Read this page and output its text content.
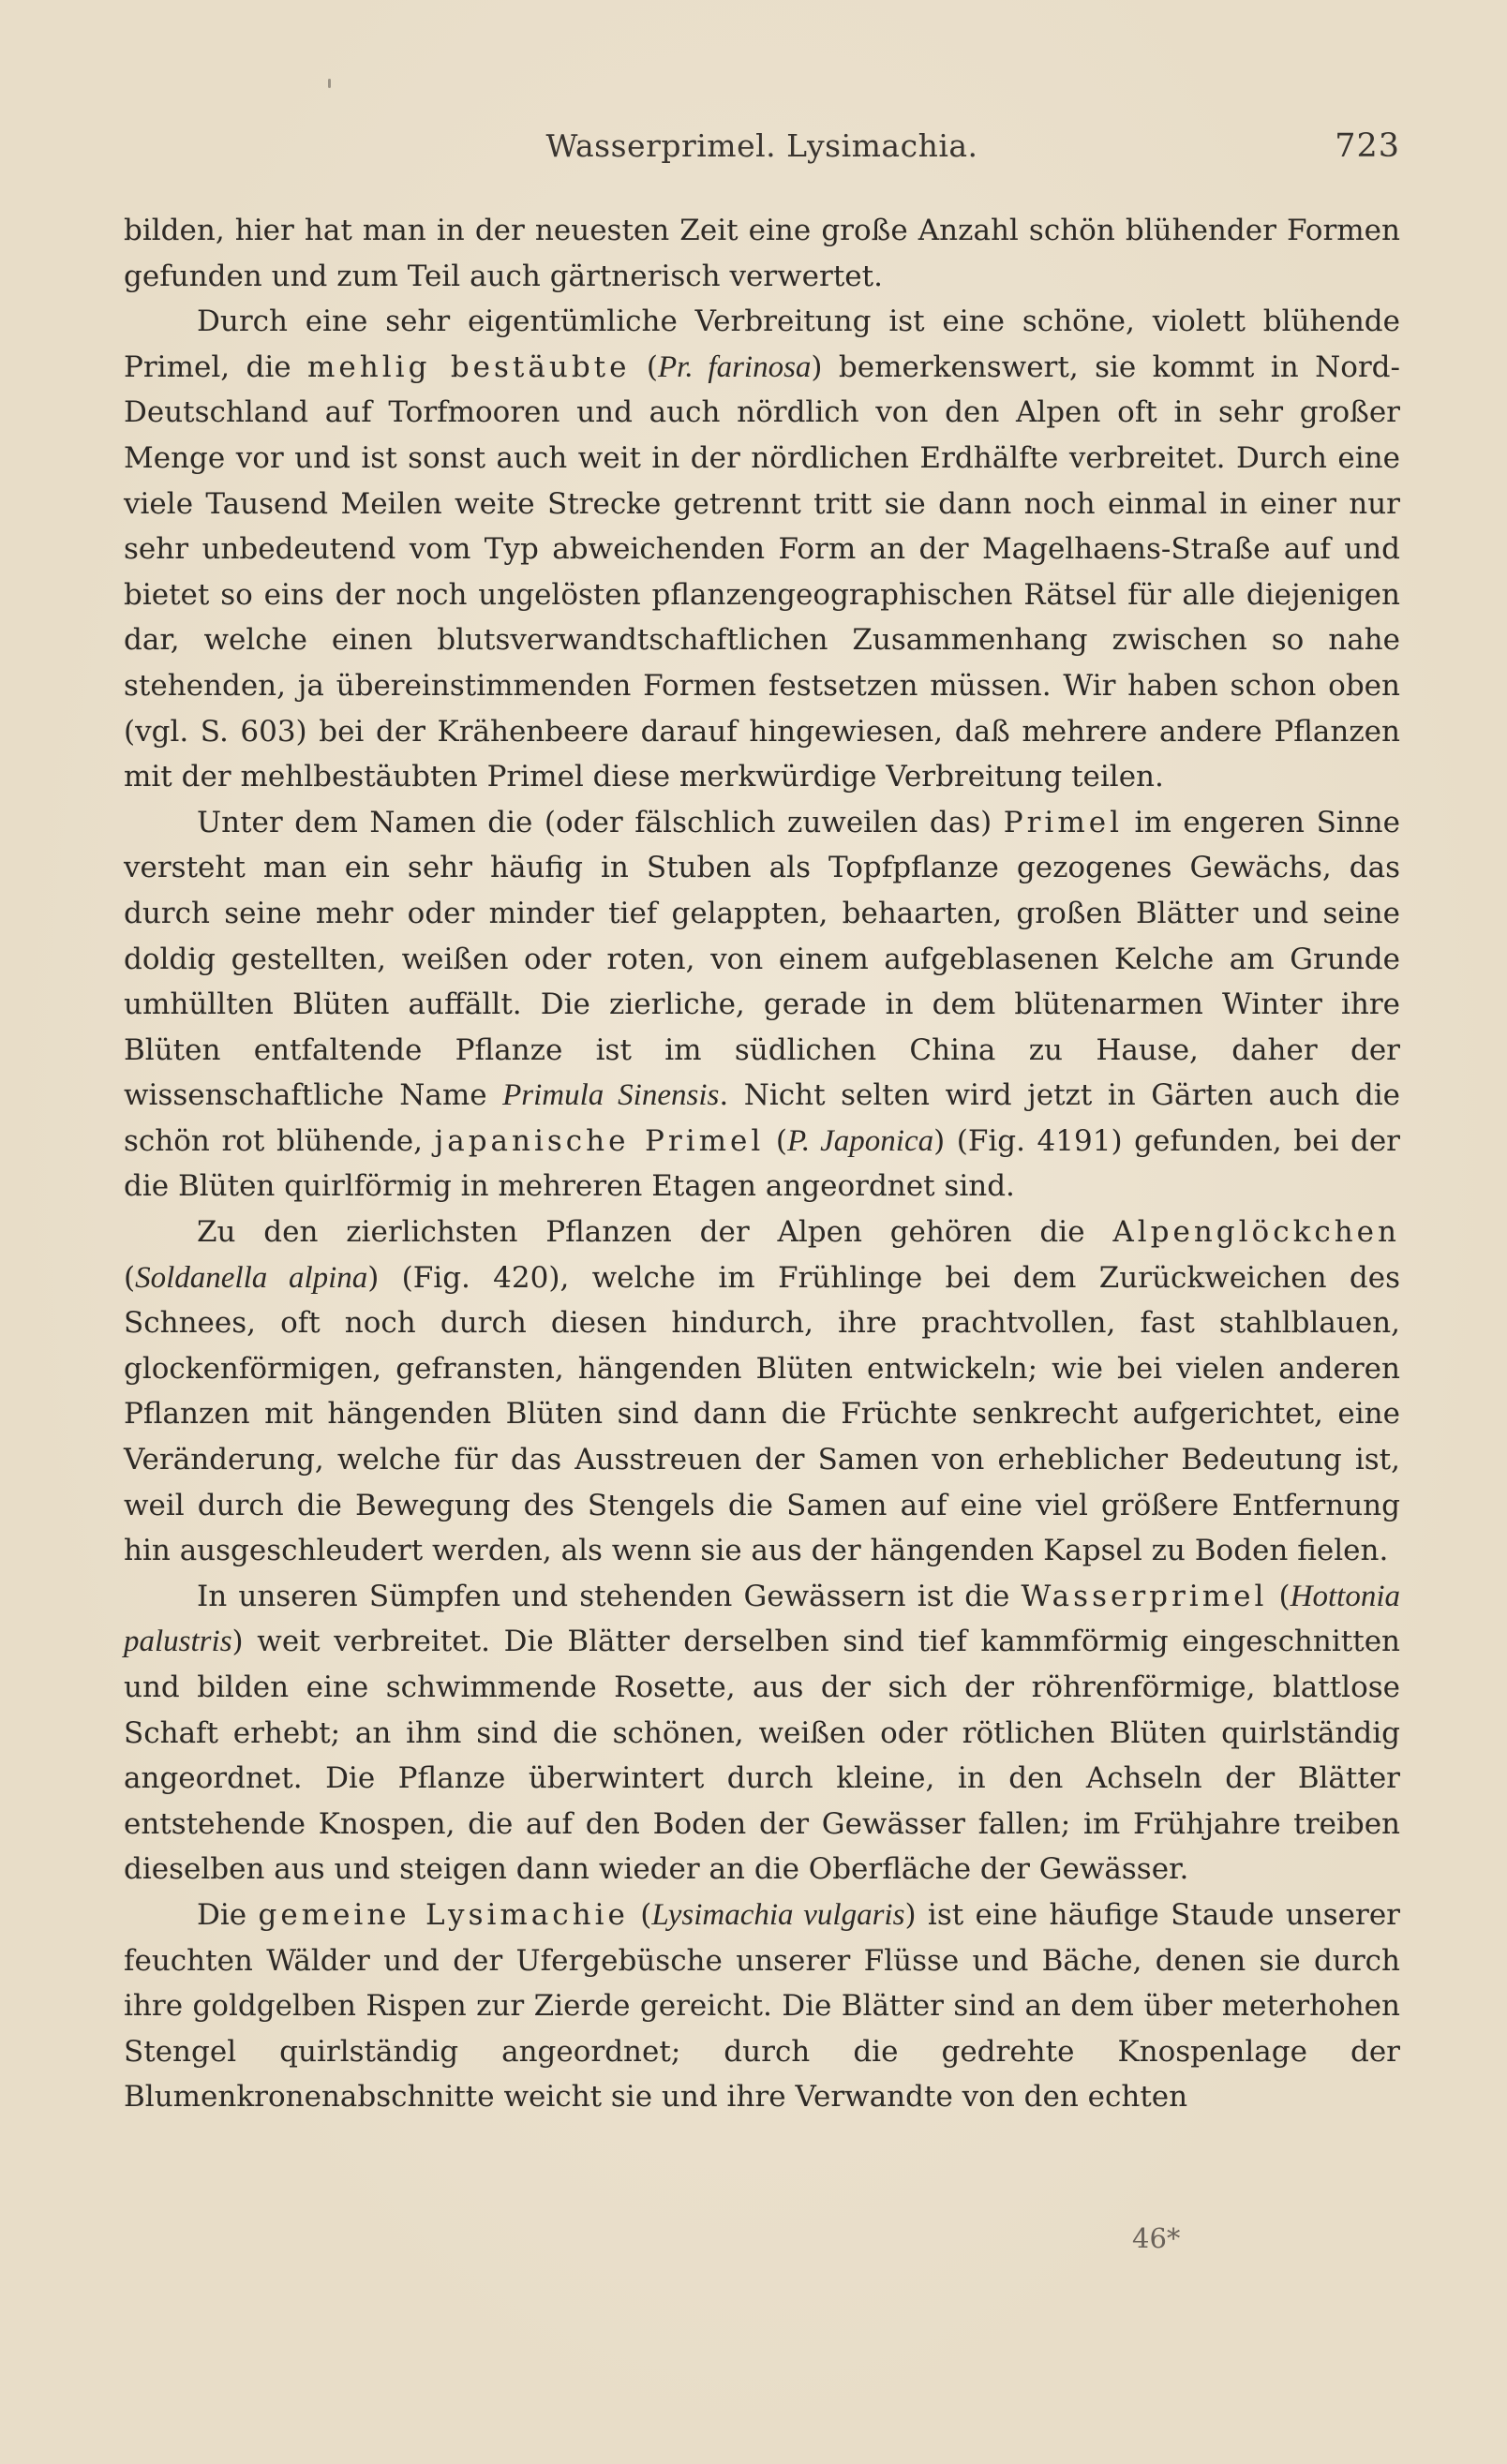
Wasserprimel. Lysimachia.	723

bilden, hier hat man in der neuesten Zeit eine große Anzahl schön blühender Formen gefunden und zum Teil auch gärtnerisch verwertet.

Durch eine sehr eigentümliche Verbreitung ist eine schöne, violett blühende Primel, die mehlig bestäubte (Pr. farinosa) bemerkenswert, sie kommt in Nord-Deutschland auf Torfmooren und auch nördlich von den Alpen oft in sehr großer Menge vor und ist sonst auch weit in der nördlichen Erdhälfte verbreitet. Durch eine viele Tausend Meilen weite Strecke getrennt tritt sie dann noch einmal in einer nur sehr unbedeutend vom Typ abweichenden Form an der Magelhaens-Straße auf und bietet so eins der noch ungelösten pflanzengeographischen Rätsel für alle diejenigen dar, welche einen blutsverwandtschaftlichen Zusammenhang zwischen so nahe stehenden, ja übereinstimmenden Formen festsetzen müssen. Wir haben schon oben (vgl. S. 603) bei der Krähenbeere darauf hingewiesen, daß mehrere andere Pflanzen mit der mehlbestäubten Primel diese merkwürdige Verbreitung teilen.

Unter dem Namen die (oder fälschlich zuweilen das) Primel im engeren Sinne versteht man ein sehr häufig in Stuben als Topfpflanze gezogenes Gewächs, das durch seine mehr oder minder tief gelappten, behaarten, großen Blätter und seine doldig gestellten, weißen oder roten, von einem aufgeblasenen Kelche am Grunde umhüllten Blüten auffällt. Die zierliche, gerade in dem blütenarmen Winter ihre Blüten entfaltende Pflanze ist im südlichen China zu Hause, daher der wissenschaftliche Name Primula Sinensis. Nicht selten wird jetzt in Gärten auch die schön rot blühende, japanische Primel (P. Japonica) (Fig. 4191) gefunden, bei der die Blüten quirlförmig in mehreren Etagen angeordnet sind.

Zu den zierlichsten Pflanzen der Alpen gehören die Alpenglöckchen (Soldanella alpina) (Fig. 420), welche im Frühlinge bei dem Zurückweichen des Schnees, oft noch durch diesen hindurch, ihre prachtvollen, fast stahlblauen, glockenförmigen, gefransten, hängenden Blüten entwickeln; wie bei vielen anderen Pflanzen mit hängenden Blüten sind dann die Früchte senkrecht aufgerichtet, eine Veränderung, welche für das Ausstreuen der Samen von erheblicher Bedeutung ist, weil durch die Bewegung des Stengels die Samen auf eine viel größere Entfernung hin ausgeschleudert werden, als wenn sie aus der hängenden Kapsel zu Boden fielen.

In unseren Sümpfen und stehenden Gewässern ist die Wasserprimel (Hottonia palustris) weit verbreitet. Die Blätter derselben sind tief kammförmig eingeschnitten und bilden eine schwimmende Rosette, aus der sich der röhrenförmige, blattlose Schaft erhebt; an ihm sind die schönen, weißen oder rötlichen Blüten quirlständig angeordnet. Die Pflanze überwintert durch kleine, in den Achseln der Blätter entstehende Knospen, die auf den Boden der Gewässer fallen; im Frühjahre treiben dieselben aus und steigen dann wieder an die Oberfläche der Gewässer.

Die gemeine Lysimachie (Lysimachia vulgaris) ist eine häufige Staude unserer feuchten Wälder und der Ufergebüsche unserer Flüsse und Bäche, denen sie durch ihre goldgelben Rispen zur Zierde gereicht. Die Blätter sind an dem über meterhohen Stengel quirlständig angeordnet; durch die gedrehte Knospenlage der Blumenkronenabschnitte weicht sie und ihre Verwandte von den echten

46*
